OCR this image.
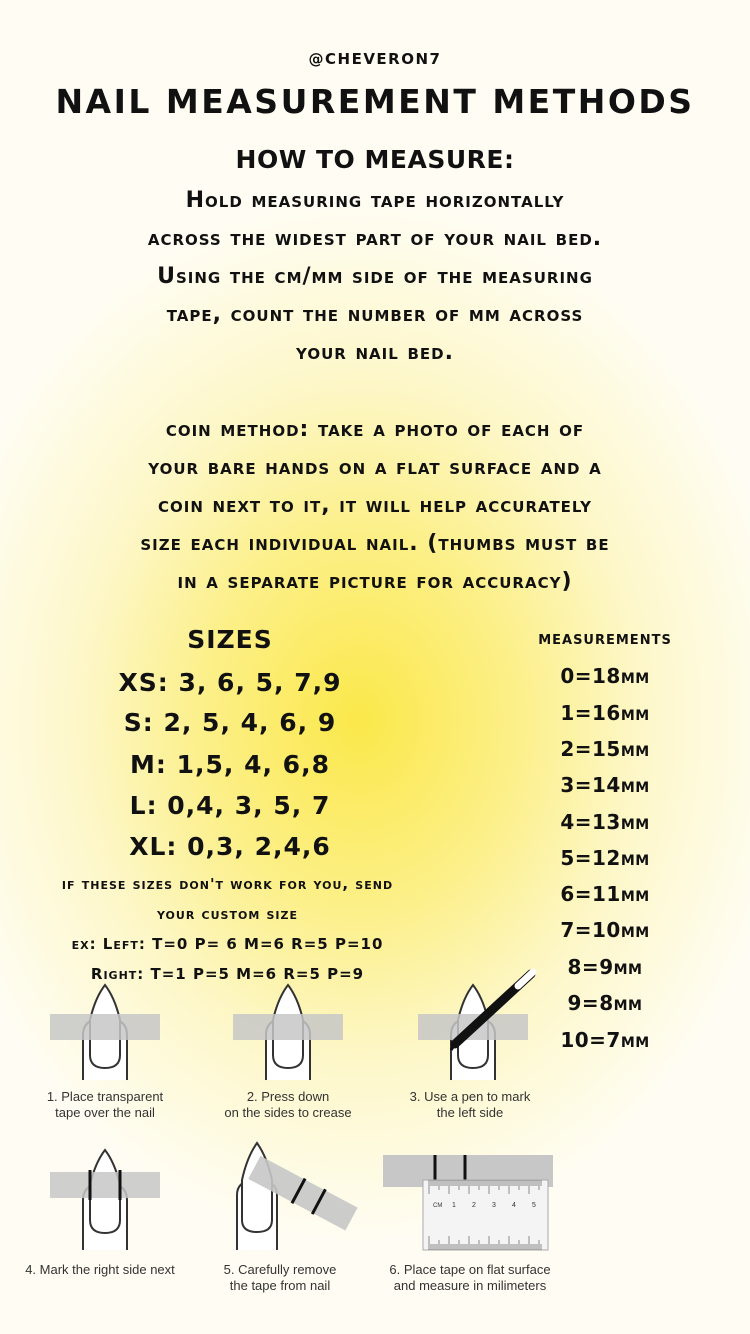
@CHEVERON7
NAIL MEASUREMENT METHODS
HOW TO MEASURE:
Hold measuring tape horizontally
across the widest part of your nail bed.
Using the cm/mm side of the measuring
tape, count the number of mm across
your nail bed.
coin method: take a photo of each of
your bare hands on a flat surface and a
coin next to it, it will help accurately
size each individual nail. (thumbs must be
in a separate picture for accuracy)
SIZES
XS: 3, 6, 5, 7,9
S: 2, 5, 4, 6, 9
M: 1,5, 4, 6,8
L: 0,4, 3, 5, 7
XL: 0,3, 2,4,6
if these sizes don't work for you, send
your custom size
ex: Left: T=0 P= 6 M=6 R=5 P=10
Right: T=1 P=5 M=6 R=5 P=9
measurements
0=18mm
1=16mm
2=15mm
3=14mm
4=13mm
5=12mm
6=11mm
7=10mm
8=9mm
9=8mm
10=7mm
1. Place transparent
tape over the nail
2. Press down
on the sides to crease
3. Use a pen to mark
the left side
4. Mark the right side next	5. Carefully remove
the tape from nail
CM 1 2 3 4 5
6. Place tape on flat surface
and measure in milimeters
